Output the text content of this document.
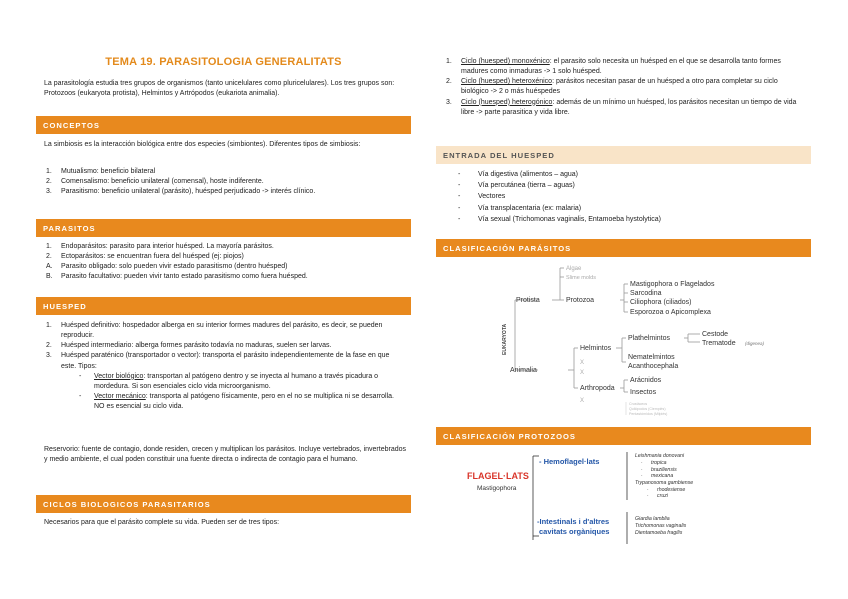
TEMA 19. PARASITOLOGIA GENERALITATS
La parasitología estudia tres grupos de organismos (tanto unicelulares como pluricelulares). Los tres grupos son: Protozoos (eukaryota protista), Helmintos y Artrópodos (eukariota animalia).
CONCEPTOS
La simbiosis es la interacción biológica entre dos especies (simbiontes). Diferentes tipos de simbiosis:
1. Mutualismo: beneficio bilateral
2. Comensalismo: beneficio unilateral (comensal), hoste indiferente.
3. Parasitismo: beneficio unilateral (parásito), huésped perjudicado -> interés clínico.
PARASITOS
1. Endoparásitos: parasito para interior huésped. La mayoría parásitos.
2. Ectoparásitos: se encuentran fuera del huésped (ej: piojos)
A. Parasito obligado: solo pueden vivir estado parasitismo (dentro huésped)
B. Parasito facultativo: pueden vivir tanto estado parasitismo como fuera huésped.
HUESPED
1. Huésped definitivo: hospedador alberga en su interior formes madures del parásito, es decir, se pueden reproducir.
2. Huésped intermediario: alberga formes parásito todavía no maduras, suelen ser larvas.
3. Huésped paraténico (transportador o vector): transporta el parásito independientemente de la fase en que este. Tipos:
- Vector biológico: transportan al patógeno dentro y se inyecta al humano a través picadura o mordedura. Si son esenciales ciclo vida microorganismo.
- Vector mecánico: transporta al patógeno físicamente, pero en el no se multiplica ni se desarrolla. NO es esencial su ciclo vida.
Reservorio: fuente de contagio, donde residen, crecen y multiplican los parásitos. Incluye vertebrados, invertebrados y medio ambiente, el cual poden constituir una fuente directa o indirecta de contagio para el humano.
CICLOS BIOLOGICOS PARASITARIOS
Necesarios para que el parásito complete su vida. Pueden ser de tres tipos:
1. Ciclo (huesped) monoxénico: el parasito solo necesita un huésped en el que se desarrolla tanto formes madures como inmaduras -> 1 solo huésped.
2. Ciclo (huesped) heteroxénico: parásitos necesitan pasar de un huésped a otro para completar su ciclo biológico -> 2 o más huéspedes
3. Ciclo (huesped) heterogónico: además de un mínimo un huésped, los parásitos necesitan un tiempo de vida libre -> parte parasitica y vida libre.
ENTRADA DEL HUESPED
-	Vía digestiva (alimentos – agua)
-	Vía percutánea (tierra – aguas)
-	Vectores
-	Vía transplacentaria (ex: malaria)
-	Vía sexual (Trichomonas vaginalis, Entamoeba hystolytica)
CLASIFICACIÓN PARÁSITOS
EUKARYOTA
Protista
Algae
Slime molds
Protozoa
Mastigophora o Flagelados
Sarcodina
Ciliophora (ciliados)
Esporozoa o Apicomplexa
Animalia
Helmintos
X
X
Plathelmintos
Cestode
Trematode (digenea)
Nematelmintos
Acanthocephala
Arthropoda
X
Arácnidos
Insectos
Crustáceos
Quilópodos (Ciempiés)
Pentastómidos (Milpiés)
CLASIFICACIÓN PROTOZOOS
FLAGEL·LATS
Mastigophora
- Hemoflagel·lats
-Intestinals i d'altres
cavitats orgàniques
Leishmania donovani
tropica
braziliensis
mexicana
Trypanosoma gambiense
rhodesiense
cruzi
Giardia lamblia
Trichomonas vaginalis
Dientamoeba fragilis
·
·
·
·
·
